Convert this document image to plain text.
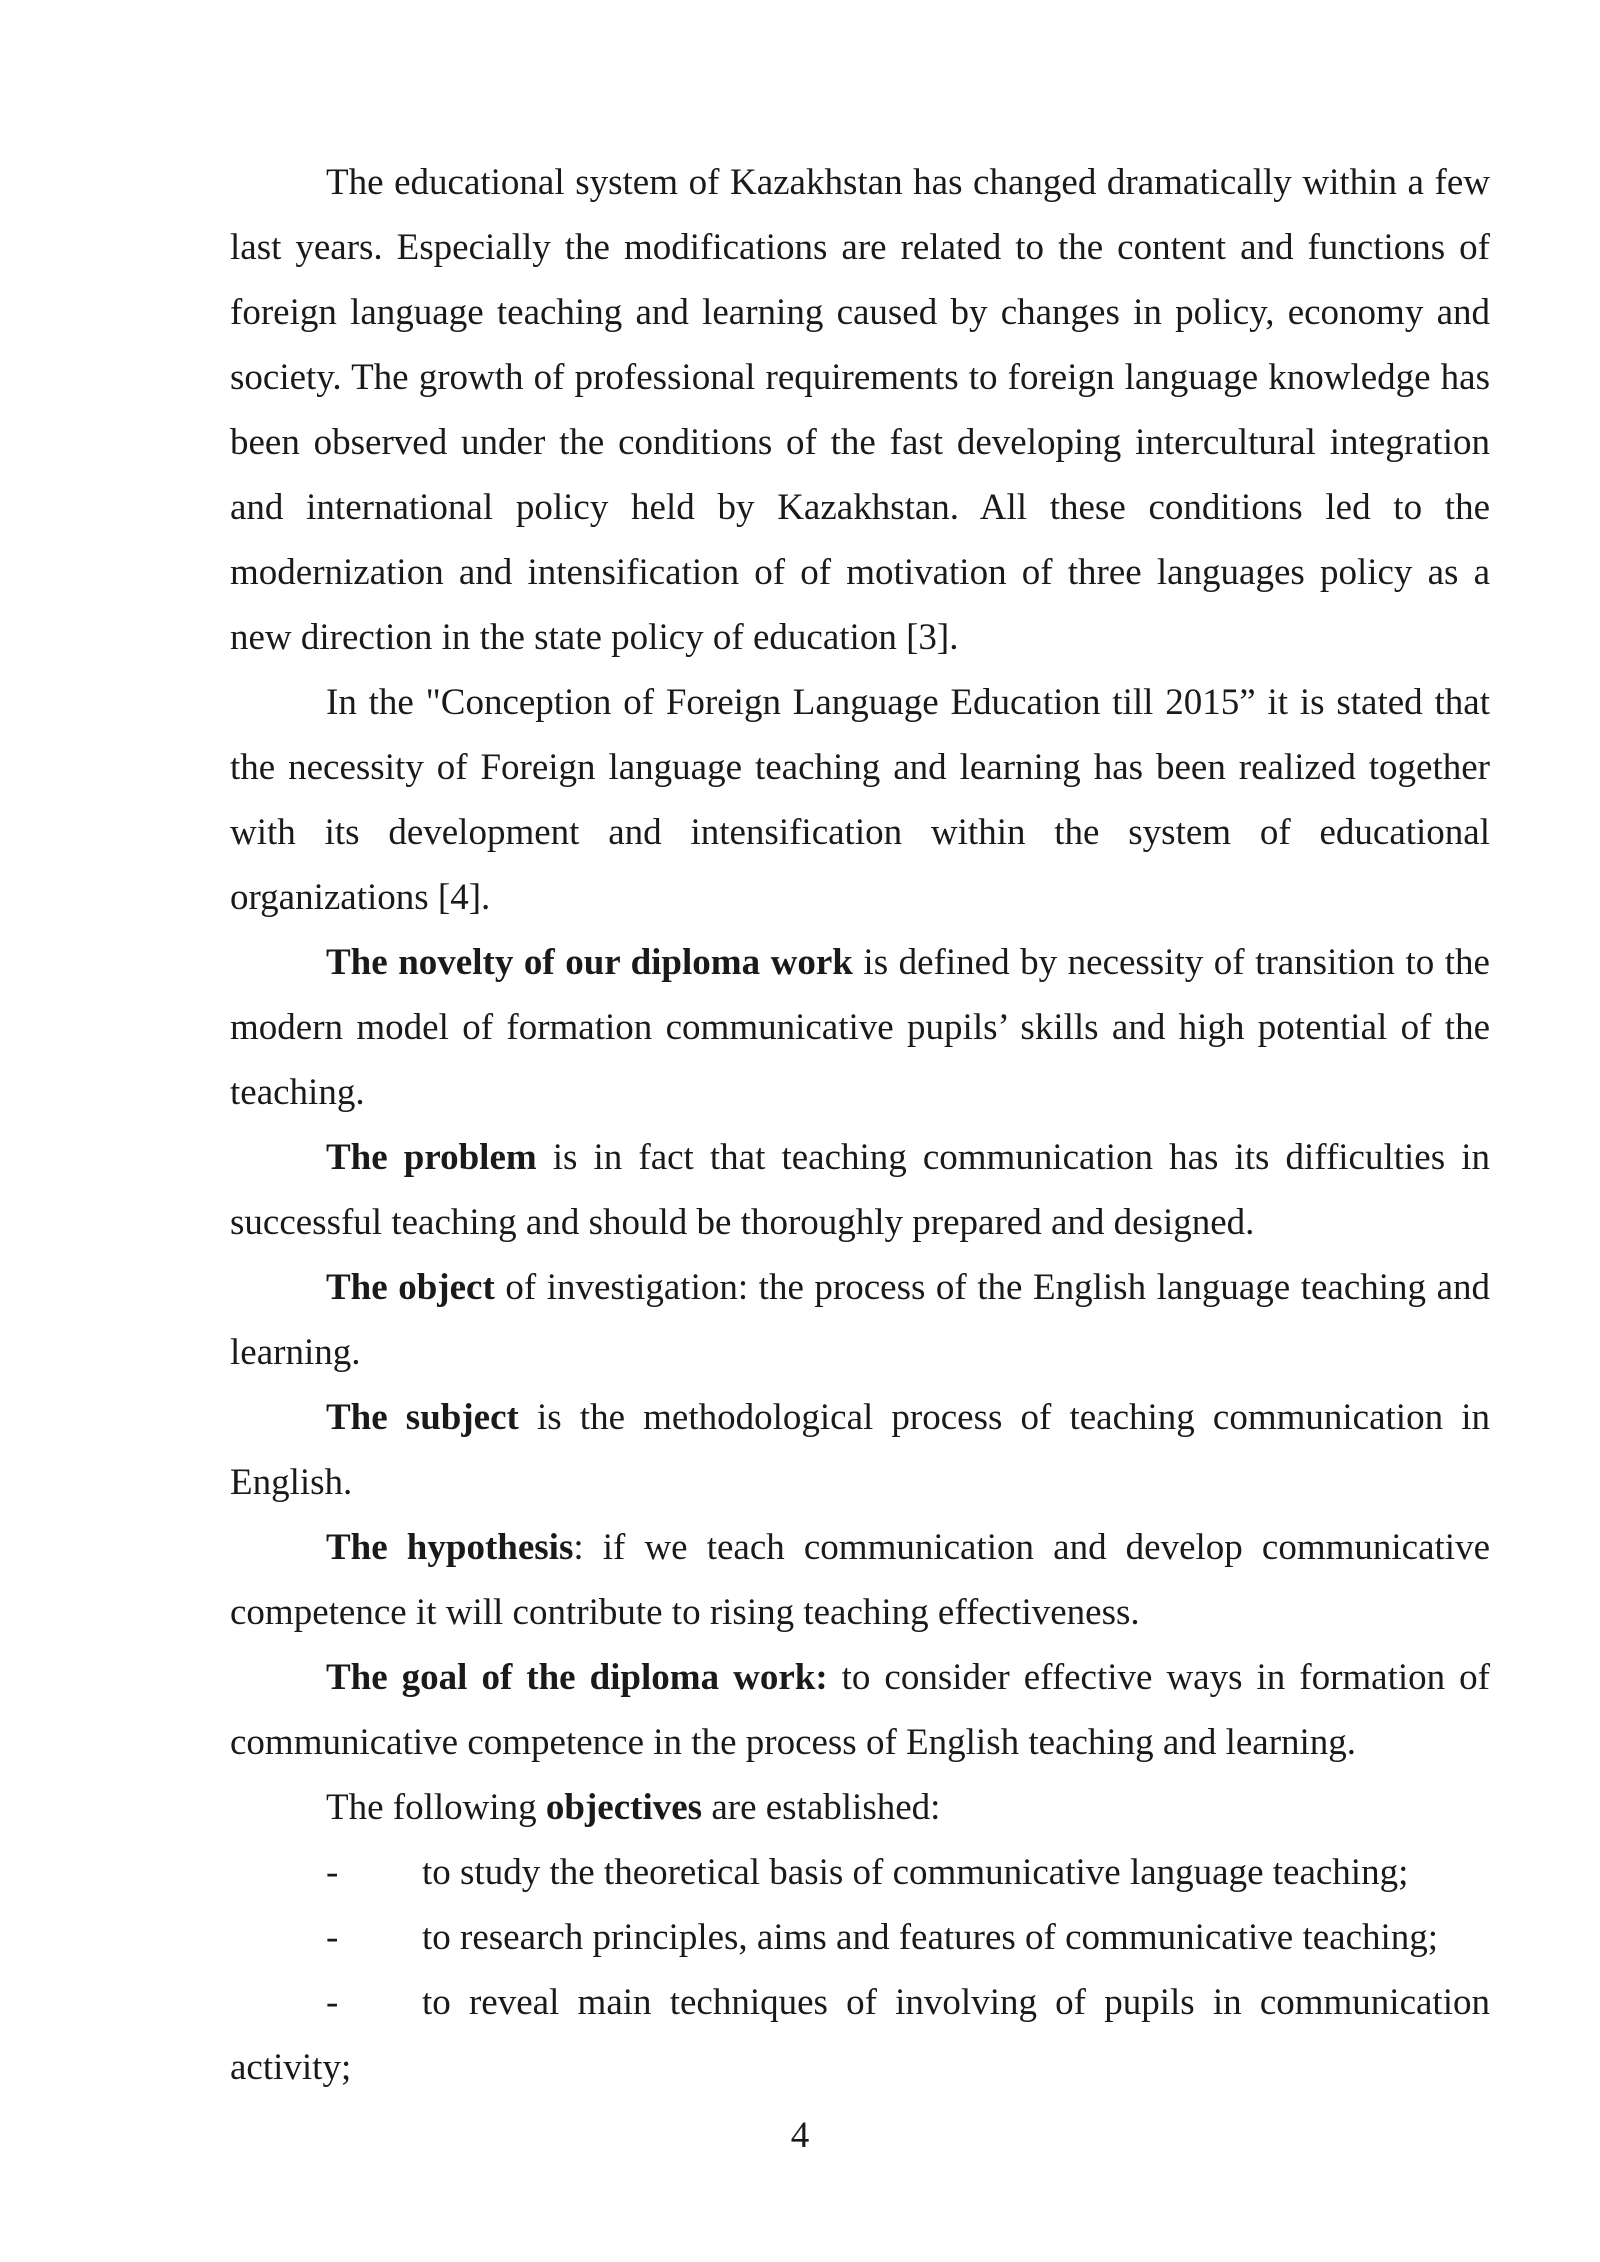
The educational system of Kazakhstan has changed dramatically within a few last years. Especially the modifications are related to the content and functions of foreign language teaching and learning caused by changes in policy, economy and society. The growth of professional requirements to foreign language knowledge has been observed under the conditions of the fast developing intercultural integration and international policy held by Kazakhstan. All these conditions led to the modernization and intensification of of motivation of three languages policy as a new direction in the state policy of education [3].

In the "Conception of Foreign Language Education till 2015” it is stated that the necessity of Foreign language teaching and learning has been realized together with its development and intensification within the system of educational organizations [4].

The novelty of our diploma work is defined by necessity of transition to the modern model of formation communicative pupils’ skills and high potential of the teaching.

The problem is in fact that teaching communication has its difficulties in successful teaching and should be thoroughly prepared and designed.

The object of investigation: the process of the English language teaching and learning.

The subject is the methodological process of teaching communication in English.

The hypothesis: if we teach communication and develop communicative competence it will contribute to rising teaching effectiveness.

The goal of the diploma work: to consider effective ways in formation of communicative competence in the process of English teaching and learning.

The following objectives are established:

- to study the theoretical basis of communicative language teaching;

- to research principles, aims and features of communicative teaching;

- to reveal main techniques of involving of pupils in communication activity;

4
